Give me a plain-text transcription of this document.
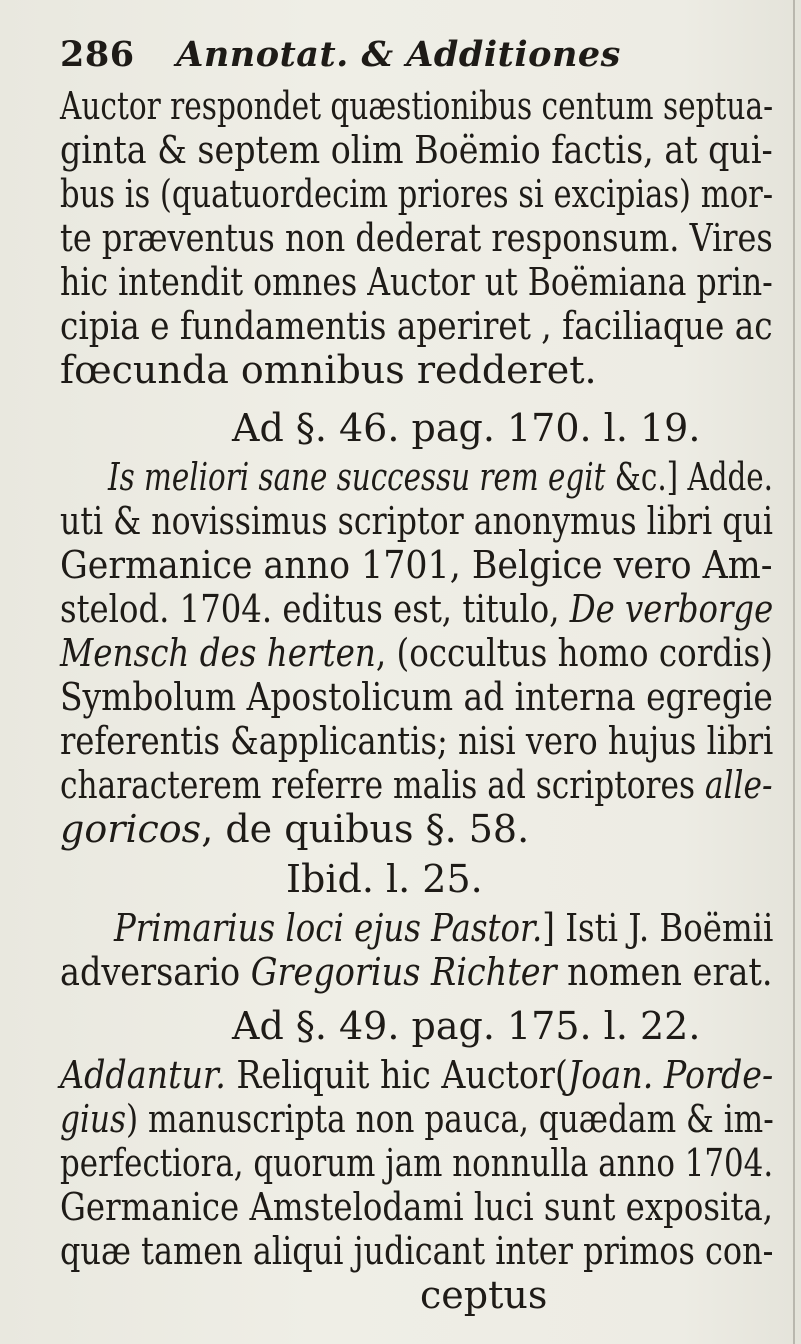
286 Annotat. & Additiones
Auctor respondet quæstionibus centum septua-
ginta & septem olim Boëmio factis, at qui-
bus is (quatuordecim priores si excipias) mor-
te præventus non dederat responsum. Vires
hic intendit omnes Auctor ut Boëmiana prin-
cipia e fundamentis aperiret , faciliaque ac
fœcunda omnibus redderet.
Ad §. 46. pag. 170. l. 19.
Is meliori sane successu rem egit &c.] Adde.
uti & novissimus scriptor anonymus libri qui
Germanice anno 1701, Belgice vero Am-
stelod. 1704. editus est, titulo, De verborge
Mensch des herten, (occultus homo cordis)
Symbolum Apostolicum ad interna egregie
referentis &applicantis; nisi vero hujus libri
characterem referre malis ad scriptores alle-
goricos, de quibus §. 58.
Ibid. l. 25.
Primarius loci ejus Pastor.] Isti J. Boëmii
adversario Gregorius Richter nomen erat.
Ad §. 49. pag. 175. l. 22.
Addantur. Reliquit hic Auctor(Joan. Porde-
gius) manuscripta non pauca, quædam & im-
perfectiora, quorum jam nonnulla anno 1704.
Germanice Amstelodami luci sunt exposita,
quæ tamen aliqui judicant inter primos con-
ceptus
